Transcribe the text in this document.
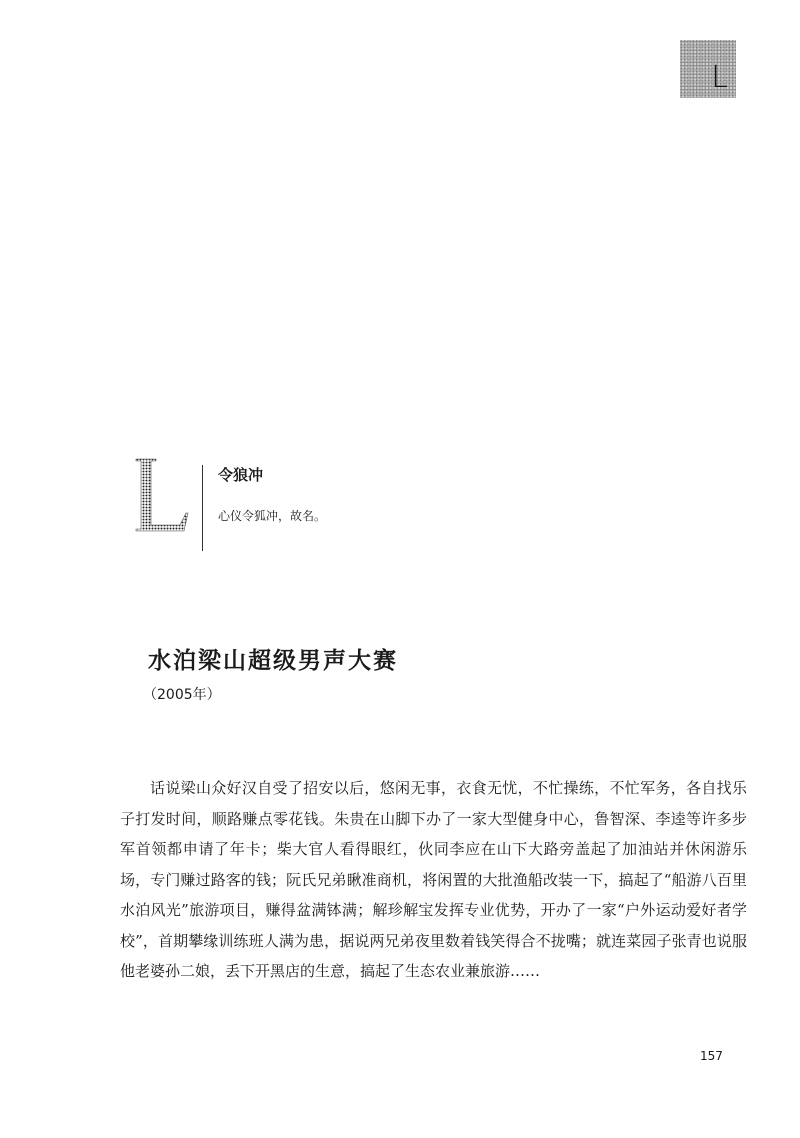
L
L
令狼冲
心仪令狐冲，故名。
水泊梁山超级男声大赛
（2005年）

话说梁山众好汉自受了招安以后，悠闲无事，衣食无忧，不忙操练，不忙军务，各自找乐子打发时间，顺路赚点零花钱。朱贵在山脚下办了一家大型健身中心，鲁智深、李逵等许多步军首领都申请了年卡；柴大官人看得眼红，伙同李应在山下大路旁盖起了加油站并休闲游乐场，专门赚过路客的钱；阮氏兄弟瞅准商机，将闲置的大批渔船改装一下，搞起了“船游八百里水泊风光”旅游项目，赚得盆满钵满；解珍解宝发挥专业优势，开办了一家“户外运动爱好者学校”，首期攀缘训练班人满为患，据说两兄弟夜里数着钱笑得合不拢嘴；就连菜园子张青也说服他老婆孙二娘，丢下开黑店的生意，搞起了生态农业兼旅游……

157
